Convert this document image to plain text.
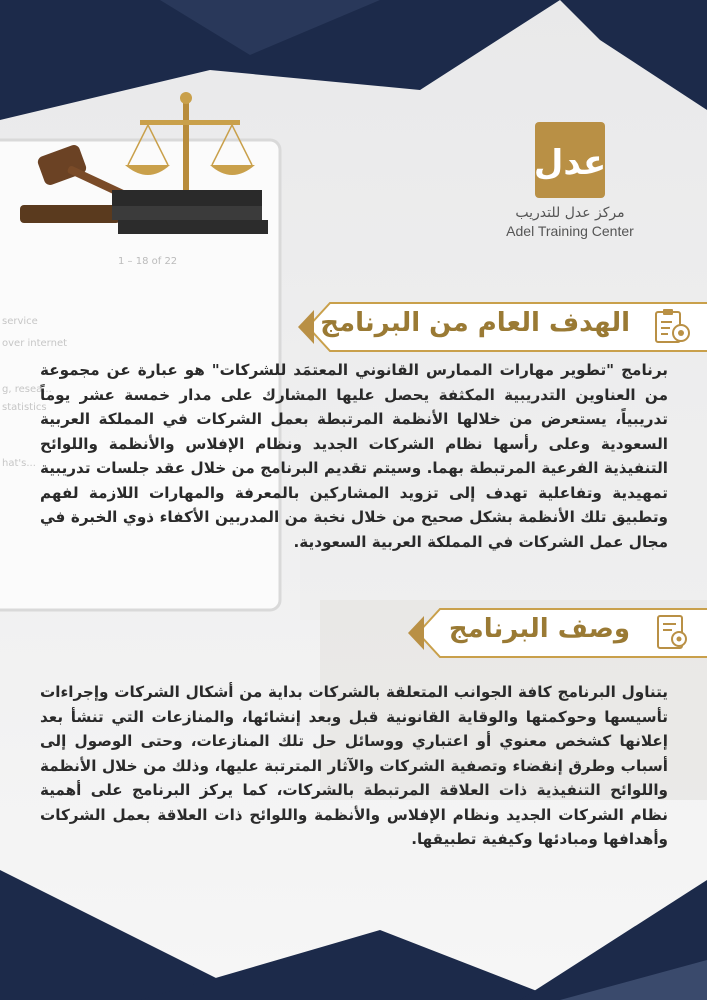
1 – 18 of 22
service
over internet
g, resea...
statistics
hat's...
عدل
مركز عدل للتدريب
Adel Training Center
الهدف العام من البرنامج
برنامج "تطوير مهارات الممارس القانوني المعتمَد للشركات" هو عبارة عن مجموعة من العناوين التدريبية المكثفة يحصل عليها المشارك على مدار خمسة عشر يوماً تدريبياً، يستعرض من خلالها الأنظمة المرتبطة بعمل الشركات في المملكة العربية السعودية وعلى رأسها نظام الشركات الجديد ونظام الإفلاس والأنظمة واللوائح التنفيذية الفرعية المرتبطة بهما. وسيتم تقديم البرنامج من خلال عقد جلسات تدريبية تمهيدية وتفاعلية تهدف إلى تزويد المشاركين بالمعرفة والمهارات اللازمة لفهم وتطبيق تلك الأنظمة بشكل صحيح من خلال نخبة من المدربين الأكفاء ذوي الخبرة في مجال عمل الشركات في المملكة العربية السعودية.
وصف البرنامج
يتناول البرنامج كافة الجوانب المتعلقة بالشركات بداية من أشكال الشركات وإجراءات تأسيسها وحوكمتها والوقاية القانونية قبل وبعد إنشائها، والمنازعات التي تنشأ بعد إعلانها كشخص معنوي أو اعتباري ووسائل حل تلك المنازعات، وحتى الوصول إلى أسباب وطرق إنقضاء وتصفية الشركات والآثار المترتبة عليها، وذلك من خلال الأنظمة واللوائح التنفيذية ذات العلاقة المرتبطة بالشركات، كما يركز البرنامج على أهمية نظام الشركات الجديد ونظام الإفلاس والأنظمة واللوائح ذات العلاقة بعمل الشركات وأهدافها ومبادئها وكيفية تطبيقها.
